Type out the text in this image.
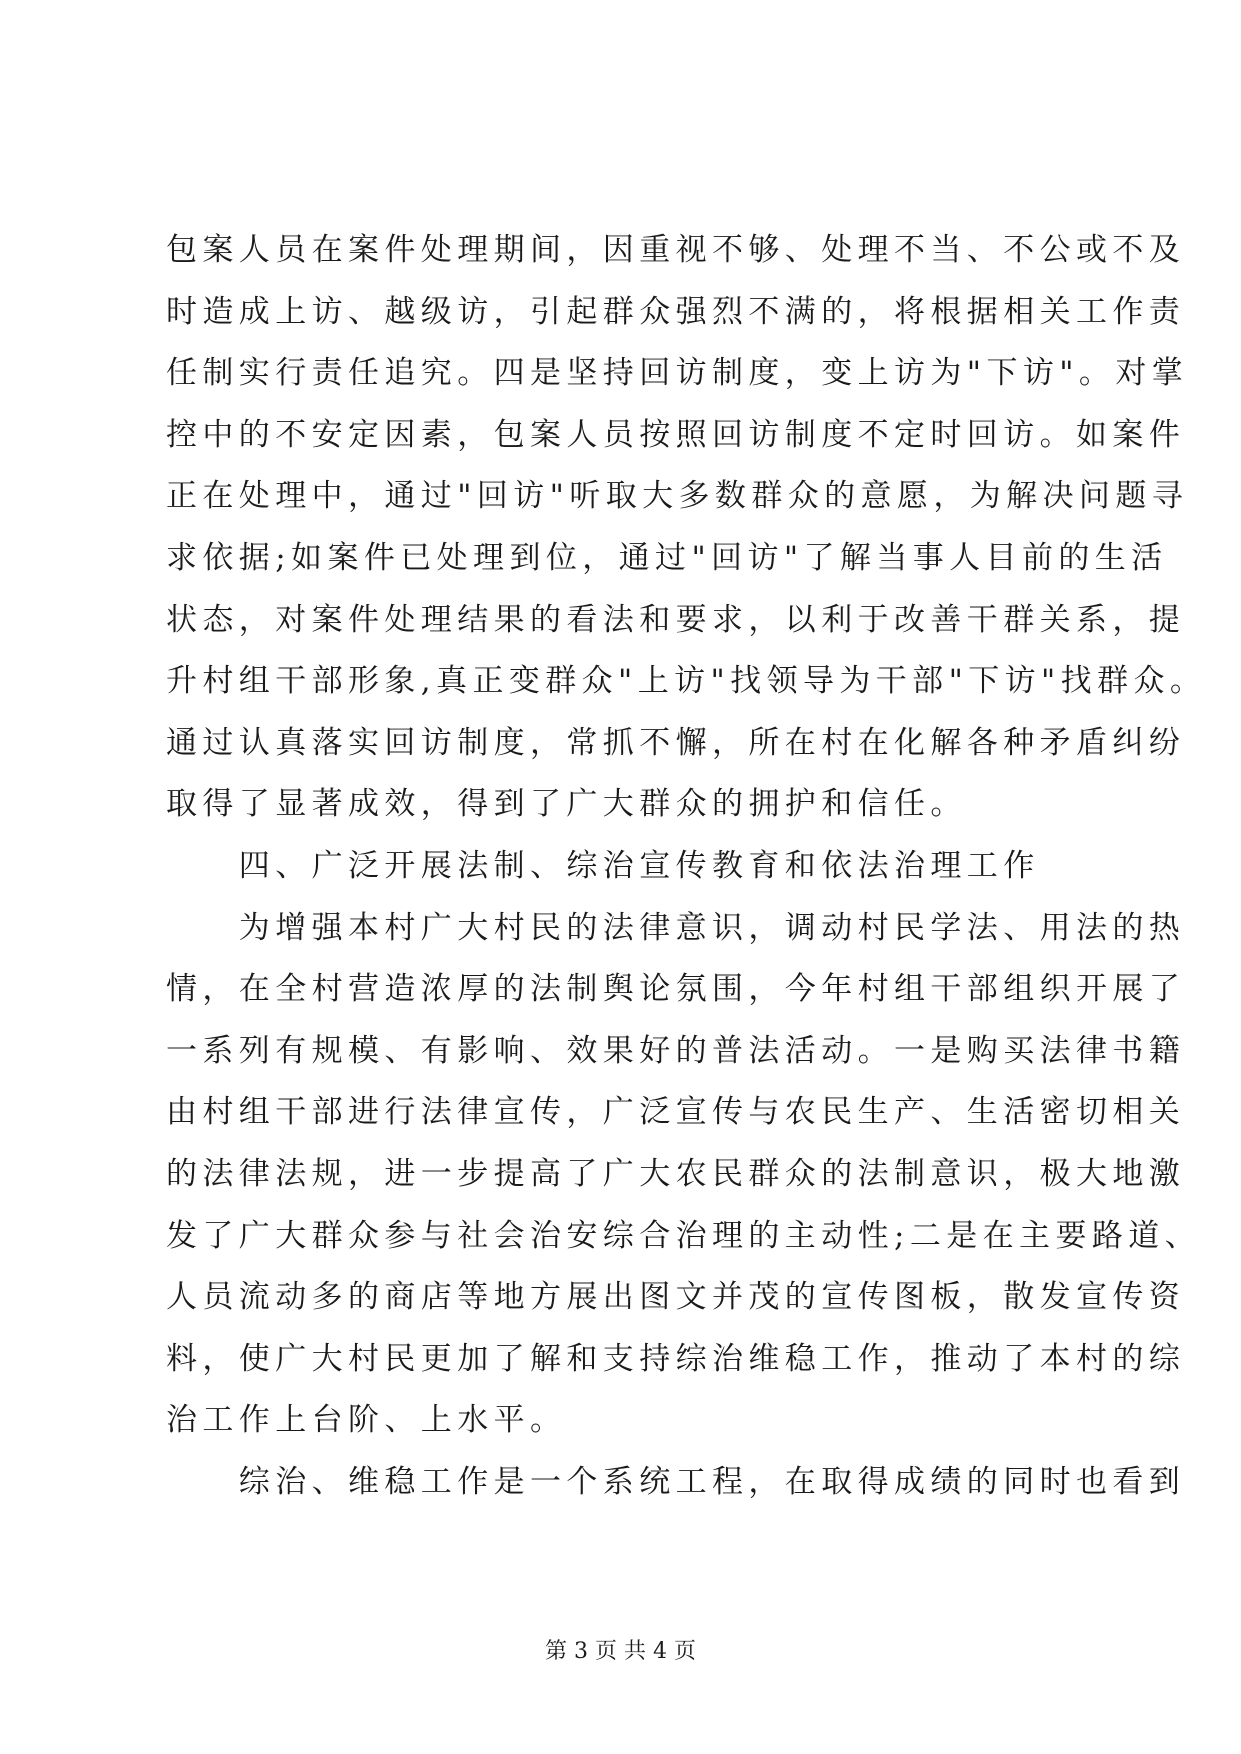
包案人员在案件处理期间，因重视不够、处理不当、不公或不及
时造成上访、越级访，引起群众强烈不满的，将根据相关工作责
任制实行责任追究。四是坚持回访制度，变上访为"下访"。对掌
控中的不安定因素，包案人员按照回访制度不定时回访。如案件
正在处理中，通过"回访"听取大多数群众的意愿，为解决问题寻
求依据;如案件已处理到位，通过"回访"了解当事人目前的生活
状态，对案件处理结果的看法和要求，以利于改善干群关系，提
升村组干部形象,真正变群众"上访"找领导为干部"下访"找群众。
通过认真落实回访制度，常抓不懈，所在村在化解各种矛盾纠纷
取得了显著成效，得到了广大群众的拥护和信任。
　　四、广泛开展法制、综治宣传教育和依法治理工作
　　为增强本村广大村民的法律意识，调动村民学法、用法的热
情，在全村营造浓厚的法制舆论氛围，今年村组干部组织开展了
一系列有规模、有影响、效果好的普法活动。一是购买法律书籍
由村组干部进行法律宣传，广泛宣传与农民生产、生活密切相关
的法律法规，进一步提高了广大农民群众的法制意识，极大地激
发了广大群众参与社会治安综合治理的主动性;二是在主要路道、
人员流动多的商店等地方展出图文并茂的宣传图板，散发宣传资
料，使广大村民更加了解和支持综治维稳工作，推动了本村的综
治工作上台阶、上水平。
　　综治、维稳工作是一个系统工程，在取得成绩的同时也看到
第 3 页 共 4 页
